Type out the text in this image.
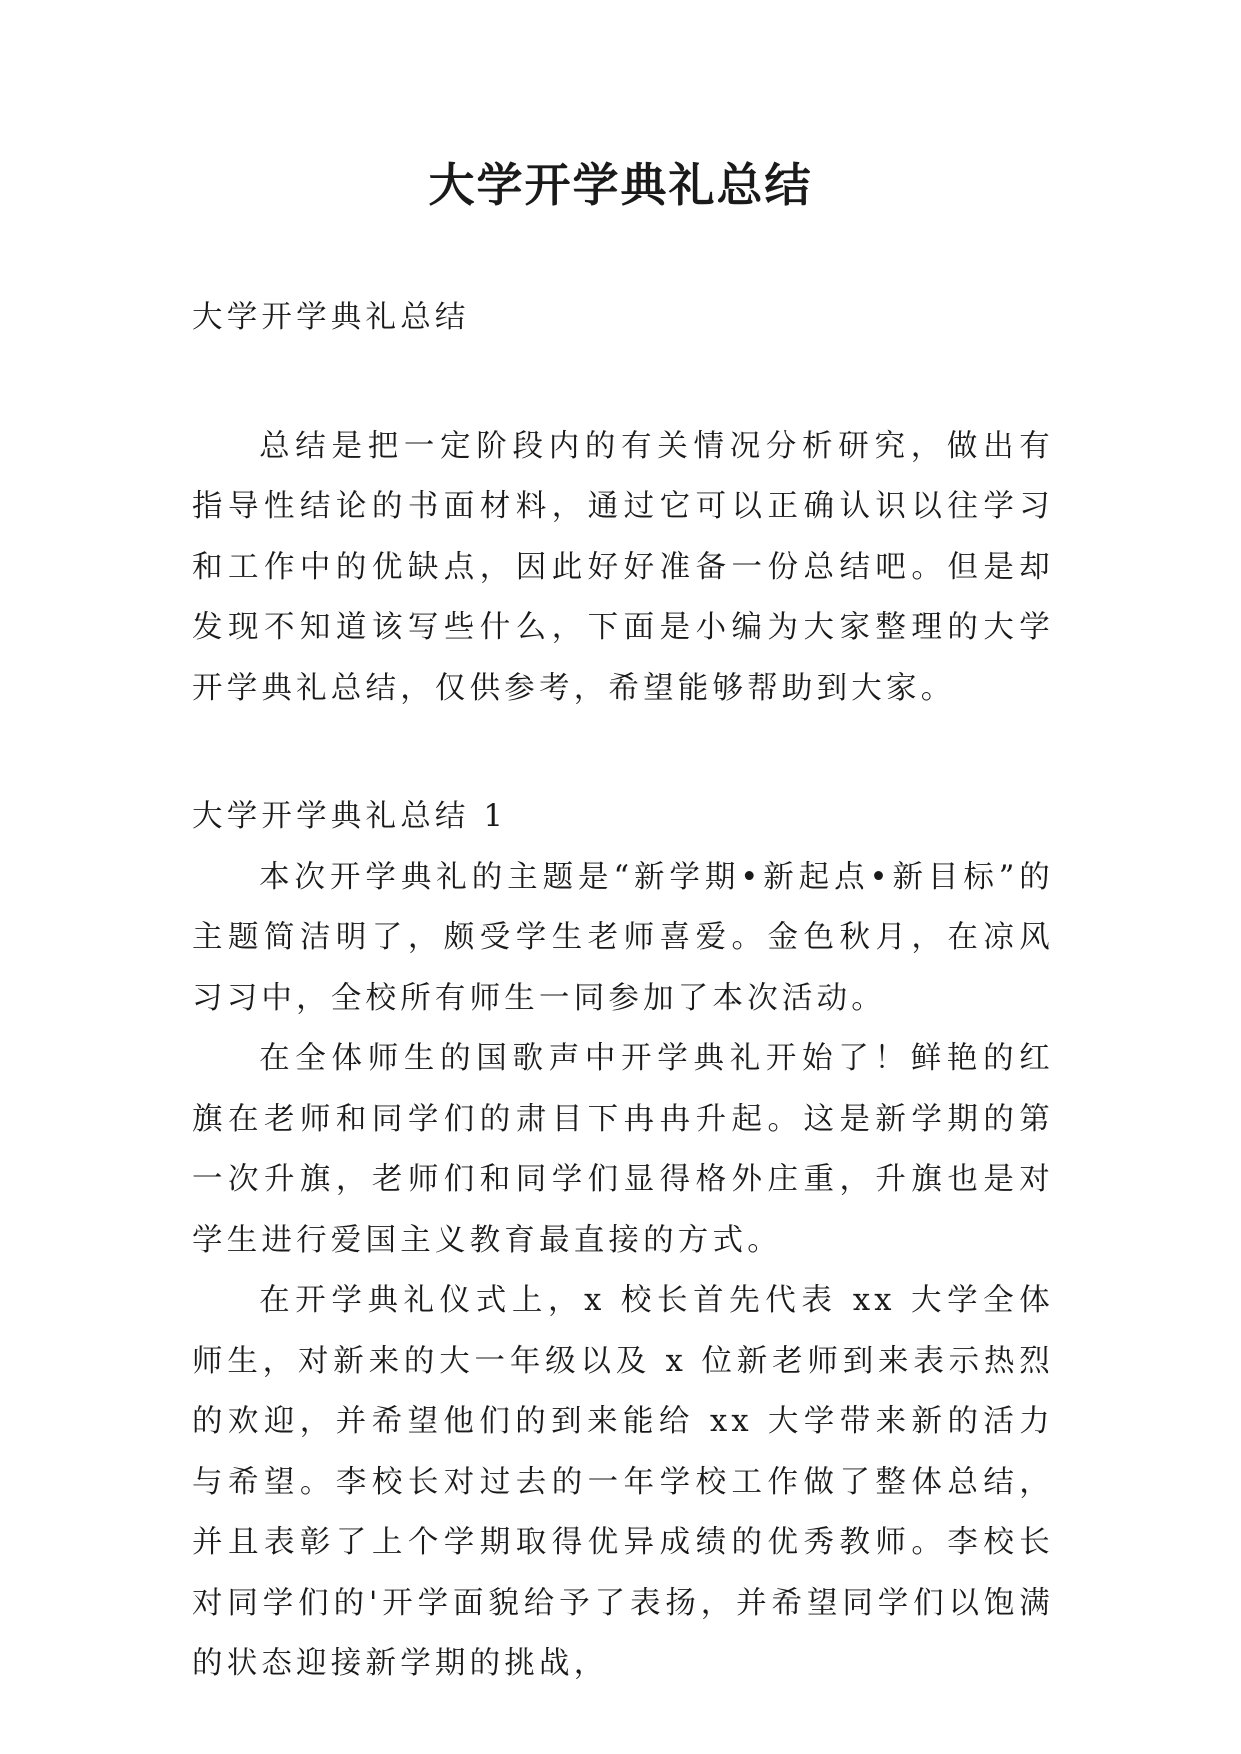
大学开学典礼总结

大学开学典礼总结

总结是把一定阶段内的有关情况分析研究，做出有指导性结论的书面材料，通过它可以正确认识以往学习和工作中的优缺点，因此好好准备一份总结吧。但是却发现不知道该写些什么，下面是小编为大家整理的大学开学典礼总结，仅供参考，希望能够帮助到大家。

大学开学典礼总结 1

本次开学典礼的主题是“新学期•新起点•新目标”的主题简洁明了，颇受学生老师喜爱。金色秋月，在凉风习习中，全校所有师生一同参加了本次活动。

在全体师生的国歌声中开学典礼开始了！鲜艳的红旗在老师和同学们的肃目下冉冉升起。这是新学期的第一次升旗，老师们和同学们显得格外庄重，升旗也是对学生进行爱国主义教育最直接的方式。

在开学典礼仪式上，x 校长首先代表 xx 大学全体师生，对新来的大一年级以及 x 位新老师到来表示热烈的欢迎，并希望他们的到来能给 xx 大学带来新的活力与希望。李校长对过去的一年学校工作做了整体总结，并且表彰了上个学期取得优异成绩的优秀教师。李校长对同学们的'开学面貌给予了表扬，并希望同学们以饱满的状态迎接新学期的挑战，
